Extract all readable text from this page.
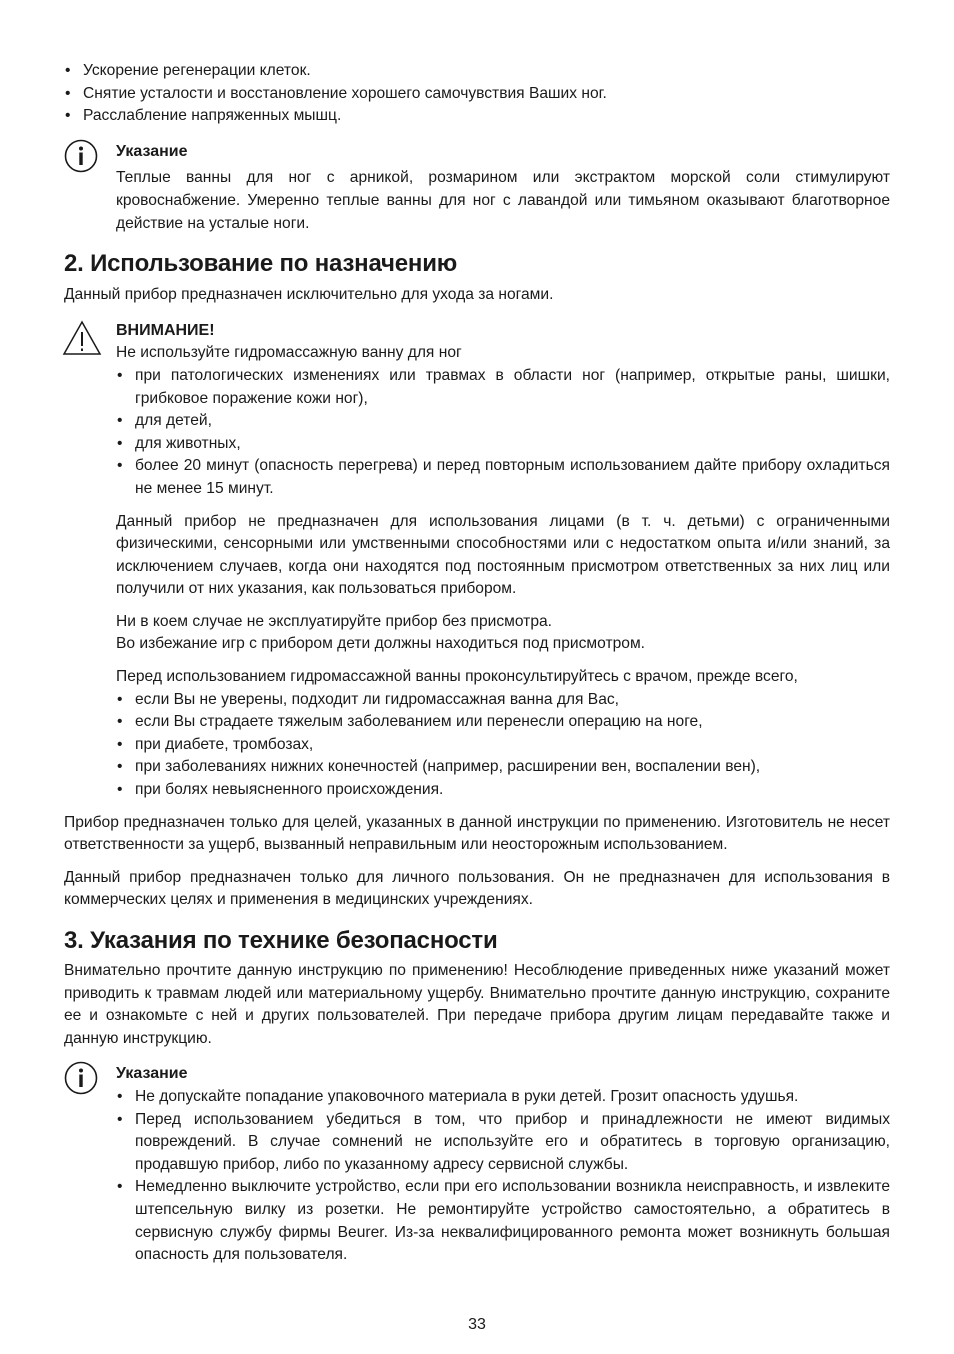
• Ускорение регенерации клеток.
• Снятие усталости и восстановление хорошего самочувствия Ваших ног.
• Расслабление напряженных мышц.
Указание

Теплые ванны для ног с арникой, розмарином или экстрактом морской соли стимулируют кровоснабжение. Умеренно теплые ванны для ног с лавандой или тимьяном оказывают благотворное действие на усталые ноги.

2. Использование по назначению

Данный прибор предназначен исключительно для ухода за ногами.

ВНИМАНИЕ!

Не используйте гидромассажную ванну для ног

• при патологических изменениях или травмах в области ног (например, открытые раны, шишки, грибковое поражение кожи ног),
• для детей,
• для животных,
• более 20 минут (опасность перегрева) и перед повторным использованием дайте прибору охладиться не менее 15 минут.

Данный прибор не предназначен для использования лицами (в т. ч. детьми) с ограниченными физическими, сенсорными или умственными способностями или с недостатком опыта и/или знаний, за исключением случаев, когда они находятся под постоянным присмотром ответственных за них лиц или получили от них указания, как пользоваться прибором.

Ни в коем случае не эксплуатируйте прибор без присмотра.

Во избежание игр с прибором дети должны находиться под присмотром.

Перед использованием гидромассажной ванны проконсультируйтесь с врачом, прежде всего,

• если Вы не уверены, подходит ли гидромассажная ванна для Вас,
• если Вы страдаете тяжелым заболеванием или перенесли операцию на ноге,
• при диабете, тромбозах,
• при заболеваниях нижних конечностей (например, расширении вен, воспалении вен),
• при болях невыясненного происхождения.

Прибор предназначен только для целей, указанных в данной инструкции по применению. Изготовитель не несет ответственности за ущерб, вызванный неправильным или неосторожным использованием.

Данный прибор предназначен только для личного пользования. Он не предназначен для использования в коммерческих целях и применения в медицинских учреждениях.

3. Указания по технике безопасности

Внимательно прочтите данную инструкцию по применению! Несоблюдение приведенных ниже указаний может приводить к травмам людей или материальному ущербу. Внимательно прочтите данную инструкцию, сохраните ее и ознакомьте с ней и других пользователей. При передаче прибора другим лицам передавайте также и данную инструкцию.

Указание
• Не допускайте попадание упаковочного материала в руки детей. Грозит опасность удушья.
• Перед использованием убедиться в том, что прибор и принадлежности не имеют видимых повреждений. В случае сомнений не используйте его и обратитесь в торговую организацию, продавшую прибор, либо по указанному адресу сервисной службы.
• Немедленно выключите устройство, если при его использовании возникла неисправность, и извлеките штепсельную вилку из розетки. Не ремонтируйте устройство самостоятельно, а обратитесь в сервисную службу фирмы Beurer. Из-за неквалифицированного ремонта может возникнуть большая опасность для пользователя.
33
